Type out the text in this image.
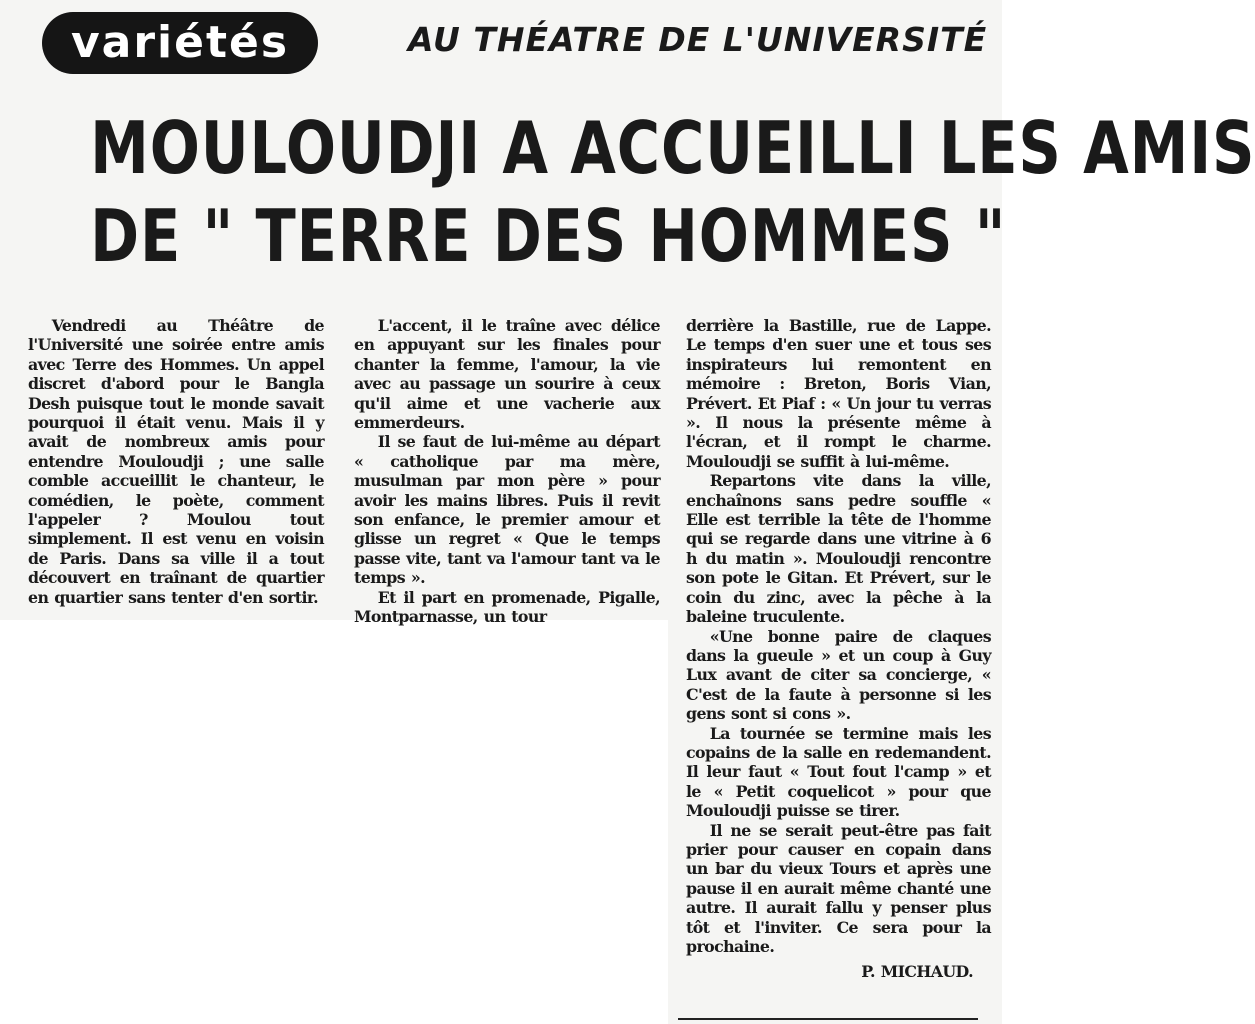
variétés	AU THÉATRE DE L'UNIVERSITÉ
MOULOUDJI A ACCUEILLI LES AMIS
DE " TERRE DES HOMMES "

Vendredi au Théâtre de l'Université une soirée entre amis avec Terre des Hommes. Un appel discret d'abord pour le Bangla Desh puisque tout le monde savait pourquoi il était venu. Mais il y avait de nombreux amis pour entendre Mouloudji ; une salle comble accueillit le chanteur, le comédien, le poète, comment l'appeler ? Moulou tout simplement. Il est venu en voisin de Paris. Dans sa ville il a tout découvert en traînant de quartier en quartier sans tenter d'en sortir.

L'accent, il le traîne avec délice en appuyant sur les finales pour chanter la femme, l'amour, la vie avec au passage un sourire à ceux qu'il aime et une vacherie aux emmerdeurs.

Il se faut de lui-même au départ « catholique par ma mère, musulman par mon père » pour avoir les mains libres. Puis il revit son enfance, le premier amour et glisse un regret « Que le temps passe vite, tant va l'amour tant va le temps ».

Et il part en promenade, Pigalle, Montparnasse, un tour

derrière la Bastille, rue de Lappe. Le temps d'en suer une et tous ses inspirateurs lui remontent en mémoire : Breton, Boris Vian, Prévert. Et Piaf : « Un jour tu verras ». Il nous la présente même à l'écran, et il rompt le charme. Mouloudji se suffit à lui-même.

Repartons vite dans la ville, enchaînons sans pedre souffle « Elle est terrible la tête de l'homme qui se regarde dans une vitrine à 6 h du matin ». Mouloudji rencontre son pote le Gitan. Et Prévert, sur le coin du zinc, avec la pêche à la baleine truculente.

«Une bonne paire de claques dans la gueule » et un coup à Guy Lux avant de citer sa concierge, « C'est de la faute à personne si les gens sont si cons ».

La tournée se termine mais les copains de la salle en redemandent. Il leur faut « Tout fout l'camp » et le « Petit coquelicot » pour que Mouloudji puisse se tirer.

Il ne se serait peut-être pas fait prier pour causer en copain dans un bar du vieux Tours et après une pause il en aurait même chanté une autre. Il aurait fallu y penser plus tôt et l'inviter. Ce sera pour la prochaine.

P. MICHAUD.
